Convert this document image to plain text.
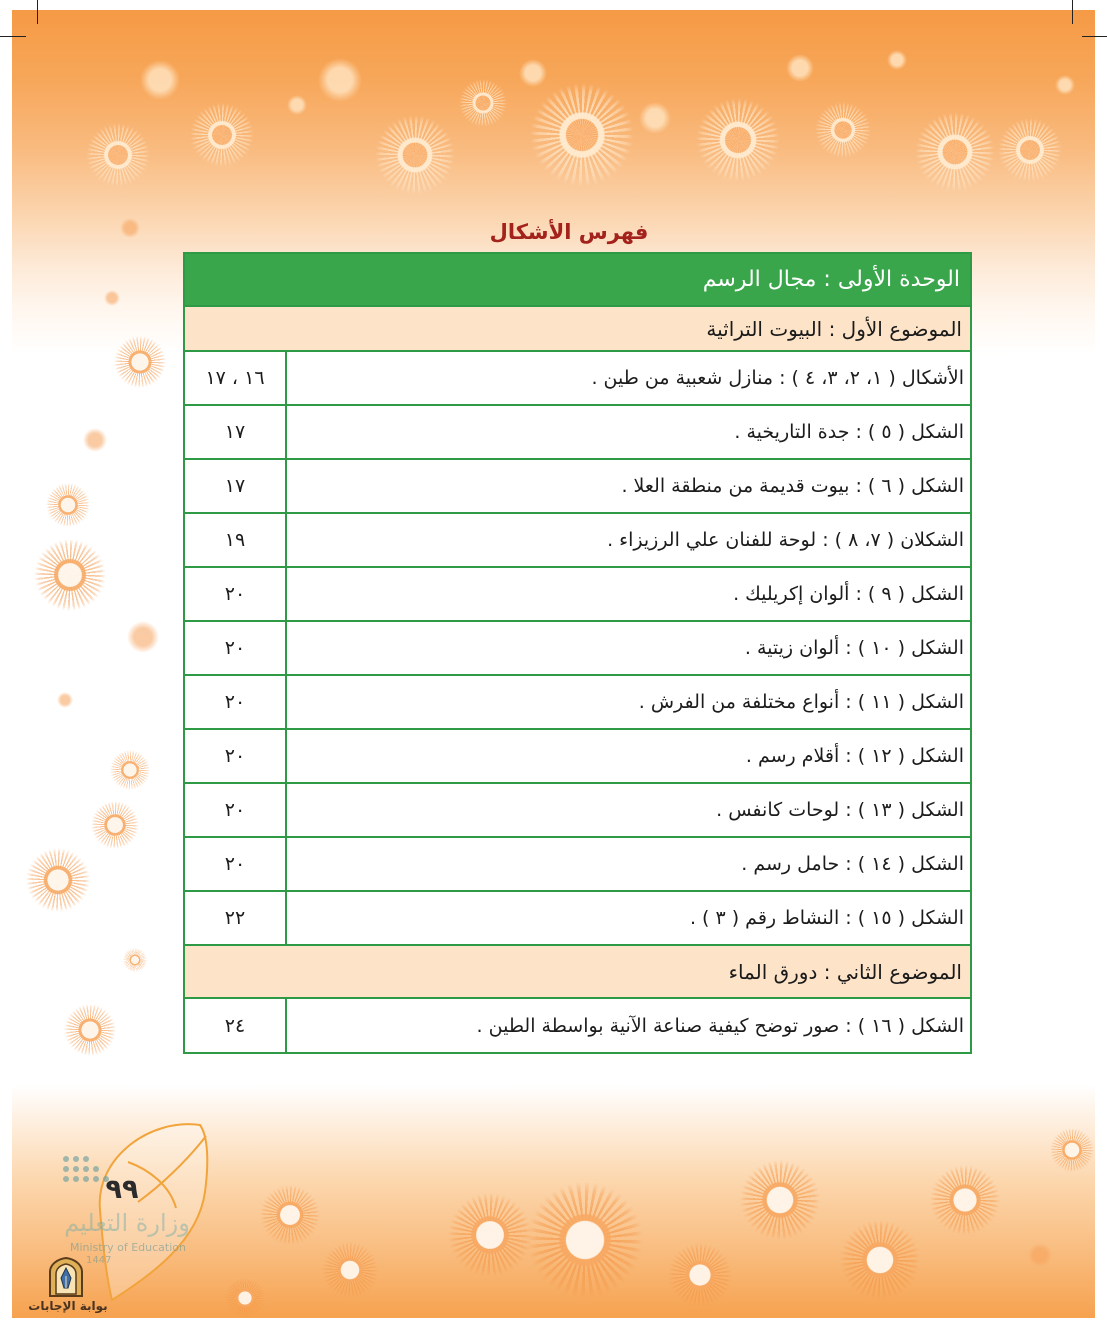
فهرس الأشكال
الوحدة الأولى : مجال الرسم
الموضوع الأول : البيوت التراثية
الأشكال ( ١، ٢، ٣، ٤ ) : منازل شعبية من طين .
١٦ ، ١٧
الشكل ( ٥ ) : جدة التاريخية .
١٧
الشكل ( ٦ ) : بيوت قديمة من منطقة العلا .
١٧
الشكلان ( ٧، ٨ ) : لوحة للفنان علي الرزيزاء .
١٩
الشكل ( ٩ ) : ألوان إكريليك .
٢٠
الشكل ( ١٠ ) : ألوان زيتية .
٢٠
الشكل ( ١١ ) : أنواع مختلفة من الفرش .
٢٠
الشكل ( ١٢ ) : أقلام رسم .
٢٠
الشكل ( ١٣ ) : لوحات كانفس .
٢٠
الشكل ( ١٤ ) : حامل رسم .
٢٠
الشكل ( ١٥ ) : النشاط رقم ( ٣ ) .
٢٢
الموضوع الثاني : دورق الماء
الشكل ( ١٦ ) : صور توضح كيفية صناعة الآنية بواسطة الطين .
٢٤
٩٩
وزارة التعليم
Ministry of Education
1447
بوابة الإجابات
